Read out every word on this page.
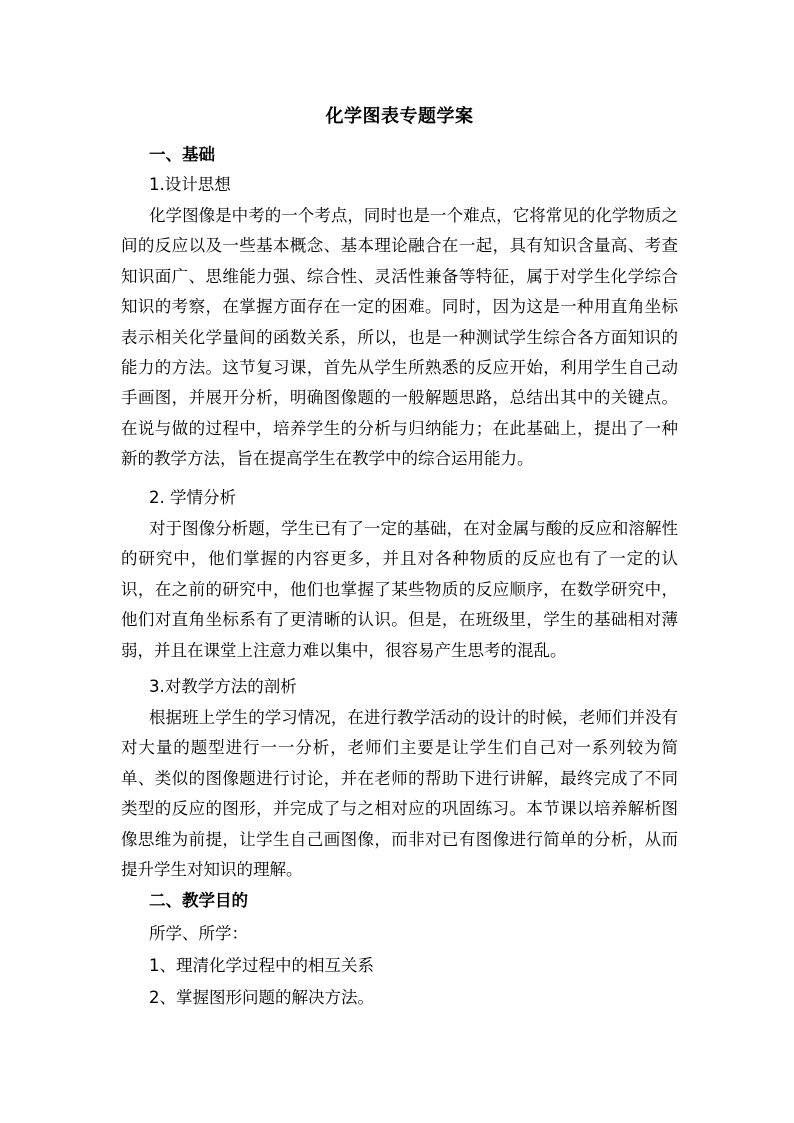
化学图表专题学案
一、基础
1.设计思想

化学图像是中考的一个考点，同时也是一个难点，它将常见的化学物质之间的反应以及一些基本概念、基本理论融合在一起，具有知识含量高、考查知识面广、思维能力强、综合性、灵活性兼备等特征，属于对学生化学综合知识的考察，在掌握方面存在一定的困难。同时，因为这是一种用直角坐标表示相关化学量间的函数关系，所以，也是一种测试学生综合各方面知识的能力的方法。这节复习课，首先从学生所熟悉的反应开始，利用学生自己动手画图，并展开分析，明确图像题的一般解题思路，总结出其中的关键点。在说与做的过程中，培养学生的分析与归纳能力；在此基础上，提出了一种新的教学方法，旨在提高学生在教学中的综合运用能力。

2. 学情分析

对于图像分析题，学生已有了一定的基础，在对金属与酸的反应和溶解性的研究中，他们掌握的内容更多，并且对各种物质的反应也有了一定的认识，在之前的研究中，他们也掌握了某些物质的反应顺序，在数学研究中，他们对直角坐标系有了更清晰的认识。但是，在班级里，学生的基础相对薄弱，并且在课堂上注意力难以集中，很容易产生思考的混乱。

3.对教学方法的剖析

根据班上学生的学习情况，在进行教学活动的设计的时候，老师们并没有对大量的题型进行一一分析，老师们主要是让学生们自己对一系列较为简单、类似的图像题进行讨论，并在老师的帮助下进行讲解，最终完成了不同类型的反应的图形，并完成了与之相对应的巩固练习。本节课以培养解析图像思维为前提，让学生自己画图像，而非对已有图像进行简单的分析，从而提升学生对知识的理解。

二、教学目的
所学、所学：
1、理清化学过程中的相互关系
2、掌握图形问题的解决方法。
